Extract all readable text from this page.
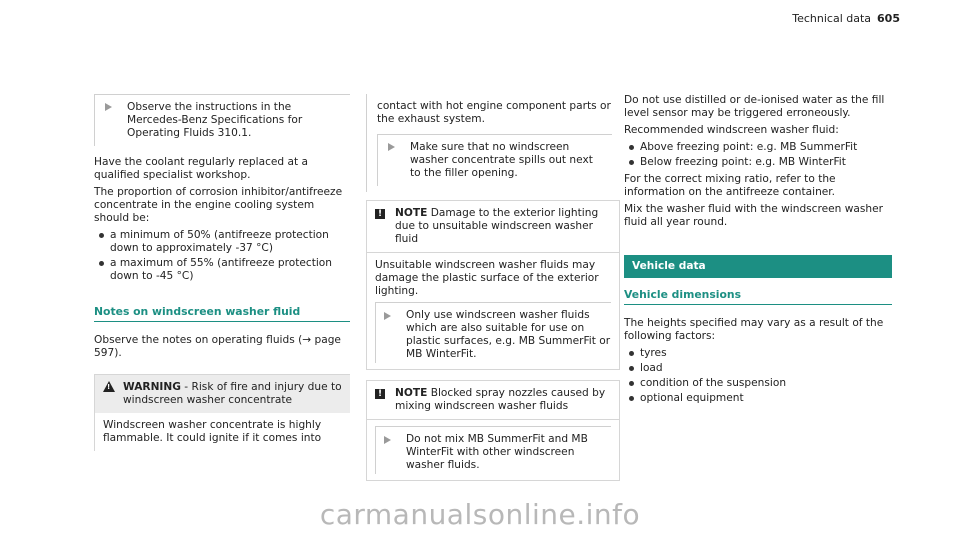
Technical data 605
Observe the instructions in the Mercedes-Benz Specifications for Operating Fluids 310.1.

Have the coolant regularly replaced at a qualified specialist workshop.

The proportion of corrosion inhibitor/antifreeze concentrate in the engine cooling system should be:

a minimum of 50% (antifreeze protection down to approximately -37 °C)
a maximum of 55% (antifreeze protection down to -45 °C)
Notes on windscreen washer fluid

Observe the notes on operating fluids (→ page 597).

! WARNING - Risk of fire and injury due to windscreen washer concentrate
Windscreen washer concentrate is highly flammable. It could ignite if it comes into
contact with hot engine component parts or the exhaust system.
Make sure that no windscreen washer concentrate spills out next to the filler opening.
! NOTE Damage to the exterior lighting due to unsuitable windscreen washer fluid
Unsuitable windscreen washer fluids may damage the plastic surface of the exterior lighting.
Only use windscreen washer fluids which are also suitable for use on plastic surfaces, e.g. MB SummerFit or MB WinterFit.
! NOTE Blocked spray nozzles caused by mixing windscreen washer fluids
Do not mix MB SummerFit and MB WinterFit with other windscreen washer fluids.

Do not use distilled or de-ionised water as the fill level sensor may be triggered erroneously.

Recommended windscreen washer fluid:

Above freezing point: e.g. MB SummerFit
Below freezing point: e.g. MB WinterFit

For the correct mixing ratio, refer to the information on the antifreeze container.

Mix the washer fluid with the windscreen washer fluid all year round.

Vehicle data
Vehicle dimensions

The heights specified may vary as a result of the following factors:

tyres
load
condition of the suspension
optional equipment
carmanualsonline.info
